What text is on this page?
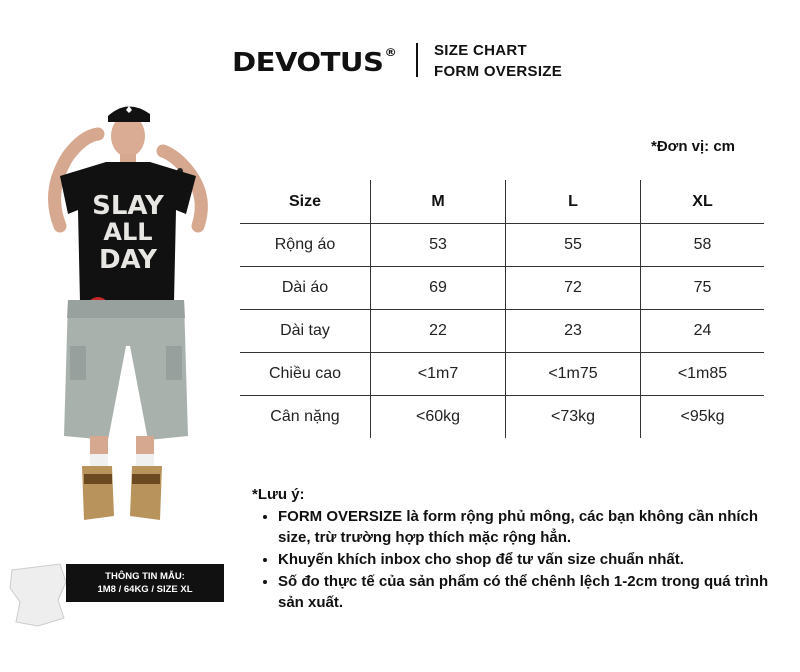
DEVOTUS®	SIZE CHART
FORM OVERSIZE
*Đơn vị: cm
SLAY
ALL
DAY
THÔNG TIN MẪU:
1M8 / 64KG / SIZE XL
Size	M	L	XL
Rộng áo	53	55	58
Dài áo	69	72	75
Dài tay	22	23	24
Chiều cao	<1m7	<1m75	<1m85
Cân nặng	<60kg	<73kg	<95kg
*Lưu ý:
• FORM OVERSIZE là form rộng phủ mông, các bạn không cần nhích size, trừ trường hợp thích mặc rộng hẳn.
• Khuyến khích inbox cho shop để tư vấn size chuẩn nhất.
• Số đo thực tế của sản phẩm có thể chênh lệch 1-2cm trong quá trình sản xuất.
